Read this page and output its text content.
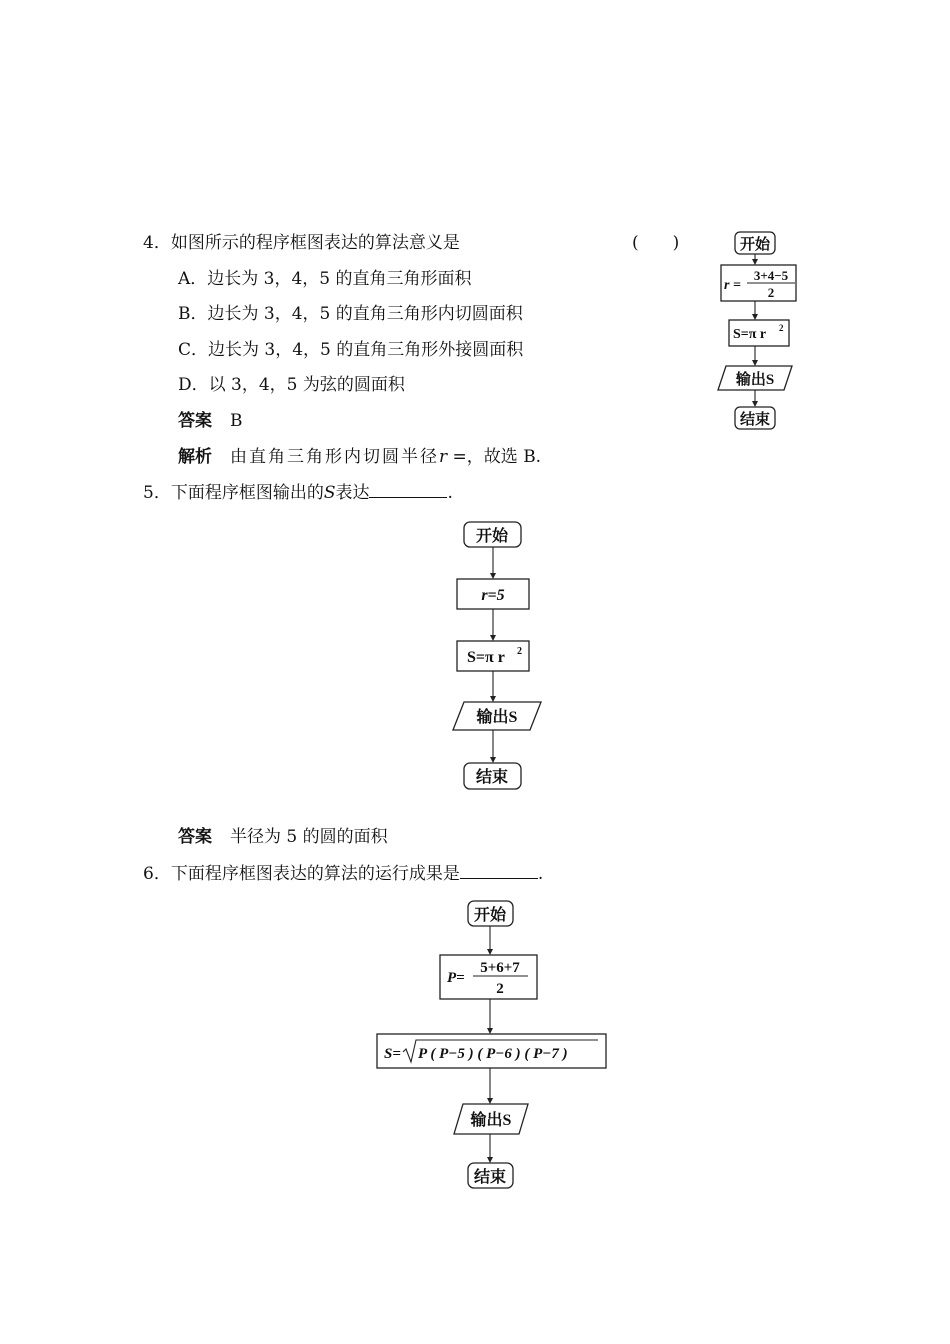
4．如图所示的程序框图表达的算法意义是	(　　)
A．边长为 3，4，5 的直角三角形面积
B．边长为 3，4，5 的直角三角形内切圆面积
C．边长为 3，4，5 的直角三角形外接圆面积
D．以 3，4，5 为弦的圆面积
答案 B
解析 由直角三角形内切圆半径r =，故选 B.
5．下面程序框图输出的S表达	.
答案 半径为 5 的圆的面积
6．下面程序框图表达的算法的运行成果是	.
开始
r =
3+4−5
2
S=π r 2
输出S
结束
开始
r=5
S=π r 2
输出S
结束
开始
P=
5+6+7
2
S= P ( P−5 ) ( P−6 ) ( P−7 )
输出S
结束
